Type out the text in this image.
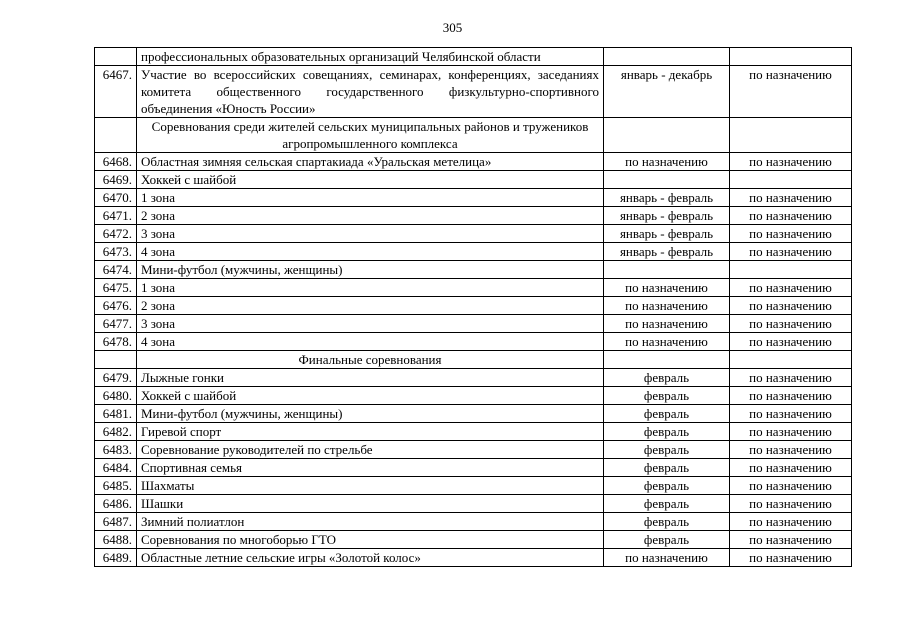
305
	профессиональных образовательных организаций Челябинской области		
6467.	Участие во всероссийских совещаниях, семинарах, конференциях, заседаниях комитета общественного государственного физкультурно-спортивного объединения «Юность России»	январь - декабрь	по назначению
	Соревнования среди жителей сельских муниципальных районов и тружеников агропромышленного комплекса		
6468.	Областная зимняя сельская спартакиада «Уральская метелица»	по назначению	по назначению
6469.	Хоккей с шайбой		
6470.	1 зона	январь - февраль	по назначению
6471.	2 зона	январь - февраль	по назначению
6472.	3 зона	январь - февраль	по назначению
6473.	4 зона	январь - февраль	по назначению
6474.	Мини-футбол (мужчины, женщины)		
6475.	1 зона	по назначению	по назначению
6476.	2 зона	по назначению	по назначению
6477.	3 зона	по назначению	по назначению
6478.	4 зона	по назначению	по назначению
	Финальные соревнования		
6479.	Лыжные гонки	февраль	по назначению
6480.	Хоккей с шайбой	февраль	по назначению
6481.	Мини-футбол (мужчины, женщины)	февраль	по назначению
6482.	Гиревой спорт	февраль	по назначению
6483.	Соревнование руководителей по стрельбе	февраль	по назначению
6484.	Спортивная семья	февраль	по назначению
6485.	Шахматы	февраль	по назначению
6486.	Шашки	февраль	по назначению
6487.	Зимний полиатлон	февраль	по назначению
6488.	Соревнования по многоборью ГТО	февраль	по назначению
6489.	Областные летние сельские игры «Золотой колос»	по назначению	по назначению
